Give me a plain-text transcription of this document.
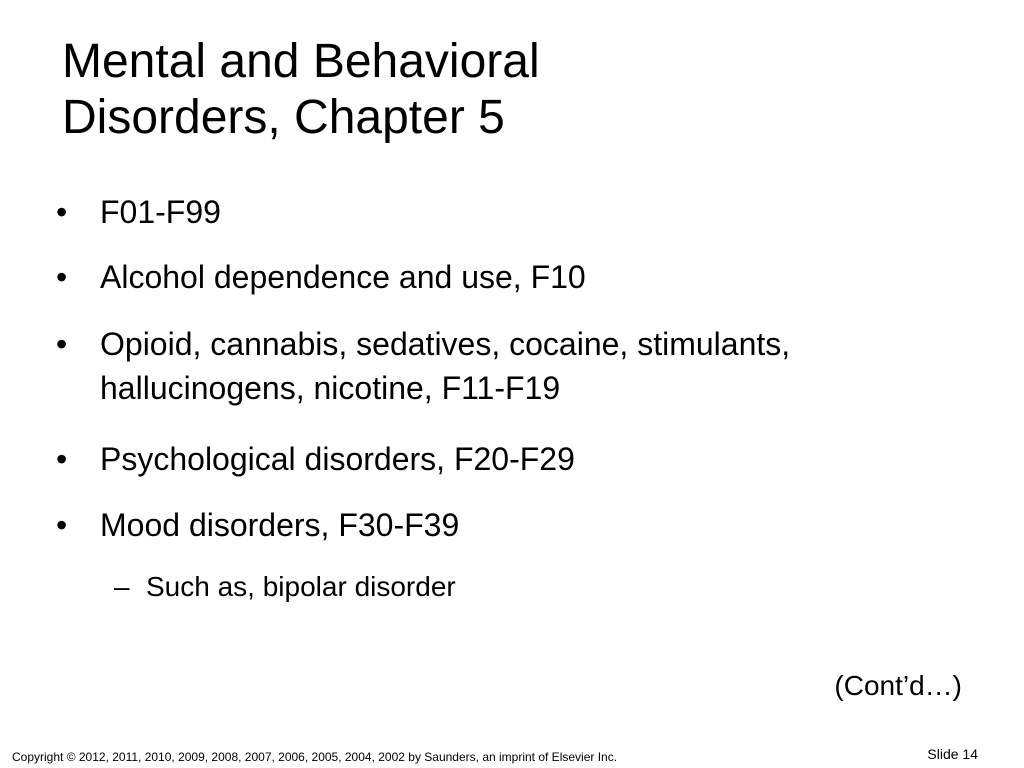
Mental and Behavioral
Disorders, Chapter 5
•	F01-F99
•	Alcohol dependence and use, F10
•	Opioid, cannabis, sedatives, cocaine, stimulants, hallucinogens, nicotine, F11-F19
•	Psychological disorders, F20-F29
•	Mood disorders, F30-F39
– Such as, bipolar disorder
(Cont’d…)
Copyright © 2012, 2011, 2010, 2009, 2008, 2007, 2006, 2005, 2004, 2002 by Saunders, an imprint of Elsevier Inc.	Slide 14
